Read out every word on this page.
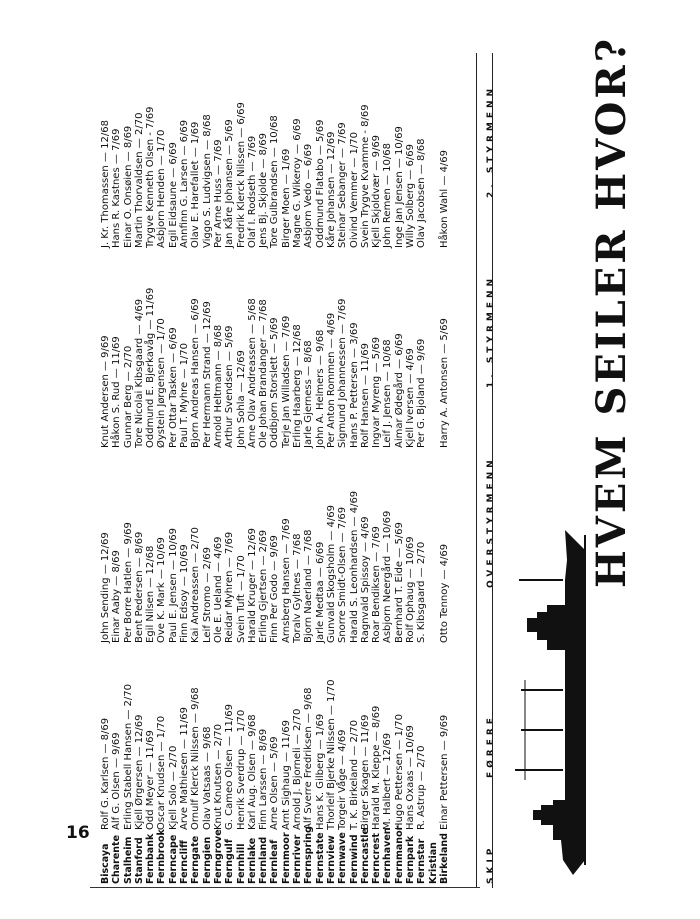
16
HVEM SEILER HVOR?
SKIP
FØRERE
OVERSTYRMENN
1. STYRMENN
2. STYRMENN
Biscaya Charente Stalheim Stanford Fernbank Fernbrook Ferncape Ferncliff Ferngate Ferngien Ferngrove Ferngulf Fernhill Fernlake Fernland Fernleaf Fernmoor Fernriver Fernspring Fernstate Fernview Fernwave Fernwind Ferncastle Ferncrest Fernhaven Fernmanor Fernpark Fernstar Kristian Birkeland
Rolf G. Karlsen — 8/69 Alf G. Olsen — 9/69 Erling Stabell Hansen — 2/70 Kjell Ørgersen — 12/69 Odd Meyer — 11/69 Oscar Knudsen — 1/70 Kjell Solo — 2/70 Arve Mathiesen — 11/69 Ornulf Klerck Nilssen — 9/68 Olav Vatsaas — 9/68 Knut Knutsen — 2/70 G. Cameo Olsen — 11/69 Henrik Sverdrup — 1/70 Karl Aug. Olsen — 9/68 Finn Larssen — 8/69 Arne Olsen — 5/69 Arnt Sighaug — 11/69 Arnold J. Bjorneli — 2/70 Alf Sverre Fredriksen — 9/68 Hans K. Gilberg — 1/69 Thorleif Bjerke Nilssen — 1/70 Torgeir Våge — 4/69 T. K. Birkeland — 2/70 Birger Skagen — 11/69 Harald M. Kleppe — 8/69 M. Halbert — 12/69 Hugo Pettersen — 1/70 Hans Oxaas — 10/69 R. Astrup — 2/70 Einar Pettersen — 9/69
John Sending — 12/69 Einar Aaby — 8/69 Per Borre Hatlen — 9/69 Bent Pedersen — 8/69 Egil Nilsen — 12/68 Ove K. Mark — 10/69 Paul E. Jensen — 10/69 Finn Edsoy — 10/69 Kai Andreassen — 2/70 Leif Stromo — 2/69 Ole E. Ueland — 4/69 Reidar Myhren — 7/69 Svein Tuft — 1/70 Harald Kruger — 12/69 Erling Gjertsen — 2/69 Finn Per Godo — 9/69 Arnsberg Hansen — 7/69 Toralv Gyltnes — 7/68 Bjorn Naerland — 7/68 Jarle Medtaa — 6/69 Gunvald Skogsholm — 4/69 Snorre Smidt-Olsen — 7/69 Harald S. Leonhardsen — 4/69 Ragnvald Spissoy — 4/69 Roar Bendiksen — 7/69 Asbjorn Neergård — 10/69 Bernhard T. Eide — 5/69 Rolf Ophaug — 10/69 S. Kibsgaard — 2/70 Otto Tennoy — 4/69
Knut Andersen — 9/69 Håkon S. Rud — 11/69 Gunnar Berg — 2/70 Tore Nicolai Kibsgaard — 4/69 Oddmund E. Bjerkavåg — 11/69 Øystein Jørgensen — 1/70 Per Ottar Tasken — 6/69 Paul T. Myhre — 1/70 Bjorn Andreas Hansen — 6/69 Per Hermann Strand — 12/69 Arnold Heltmann — 8/68 Arthur Svendsen — 5/69 John Sohla — 12/69 Arne Olav Andreassen — 5/68 Ole Johan Brandanger — 7/68 Oddbjorn Storslett — 5/69 Terje Jan Willadsen — 7/69 Erling Haarberg — 12/68 Jarle Gjerness — 8/68 John A. Helmers — 9/68 Per Anton Rommen — 4/69 Sigmund Johannessen — 7/69 Hans P. Pettersen — 3/69 Rolf Hansen — 11/69 Ingvar Myreng — 5/69 Leif J. Jensen — 10/68 Aimar Ødegård — 6/69 Kjell Iversen — 4/69 Per G. Bjoland — 9/69 Harry A. Antonsen — 5/69
J. Kr. Thomassen — 12/68 Hans R. Kastnes — 7/69 Einar O. Onsøien — 8/69 Martin Thorvaldsen — 2/70 Trygve Kenneth Olsen - 7/69 Asbjorn Henden — 1/70 Egil Eidsaune — 6/69 Annfinn G. Larsen — 6/69 Olav E. Harefallet — 1/69 Viggo S. Ludvigsen — 8/68 Per Arne Huss — 7/69 Jan Kåre Johansen — 5/69 Fredrik Klerck Nilssen — 6/69 Olaf I. Rodseth — 7/69 Jens Bj. Skjolde — 8/69 Tore Gulbrandsen — 10/68 Birger Moen — 1/69 Magne G. Wikeroy — 6/69 Asbjorn Vedo — 6/69 Oddmund Flatabo — 5/69 Kåre Johansen — 12/69 Steinar Sebanger — 7/69 Oivind Vemmer — 1/70 Svein Trygve Kvamme - 8/69 Kjell Skjoldvær — 9/69 John Remen — 10/68 Inge Jan Jensen — 10/69 Willy Solberg — 6/69 Olav Jacobsen — 8/68 Håkon Wahl — 4/69
